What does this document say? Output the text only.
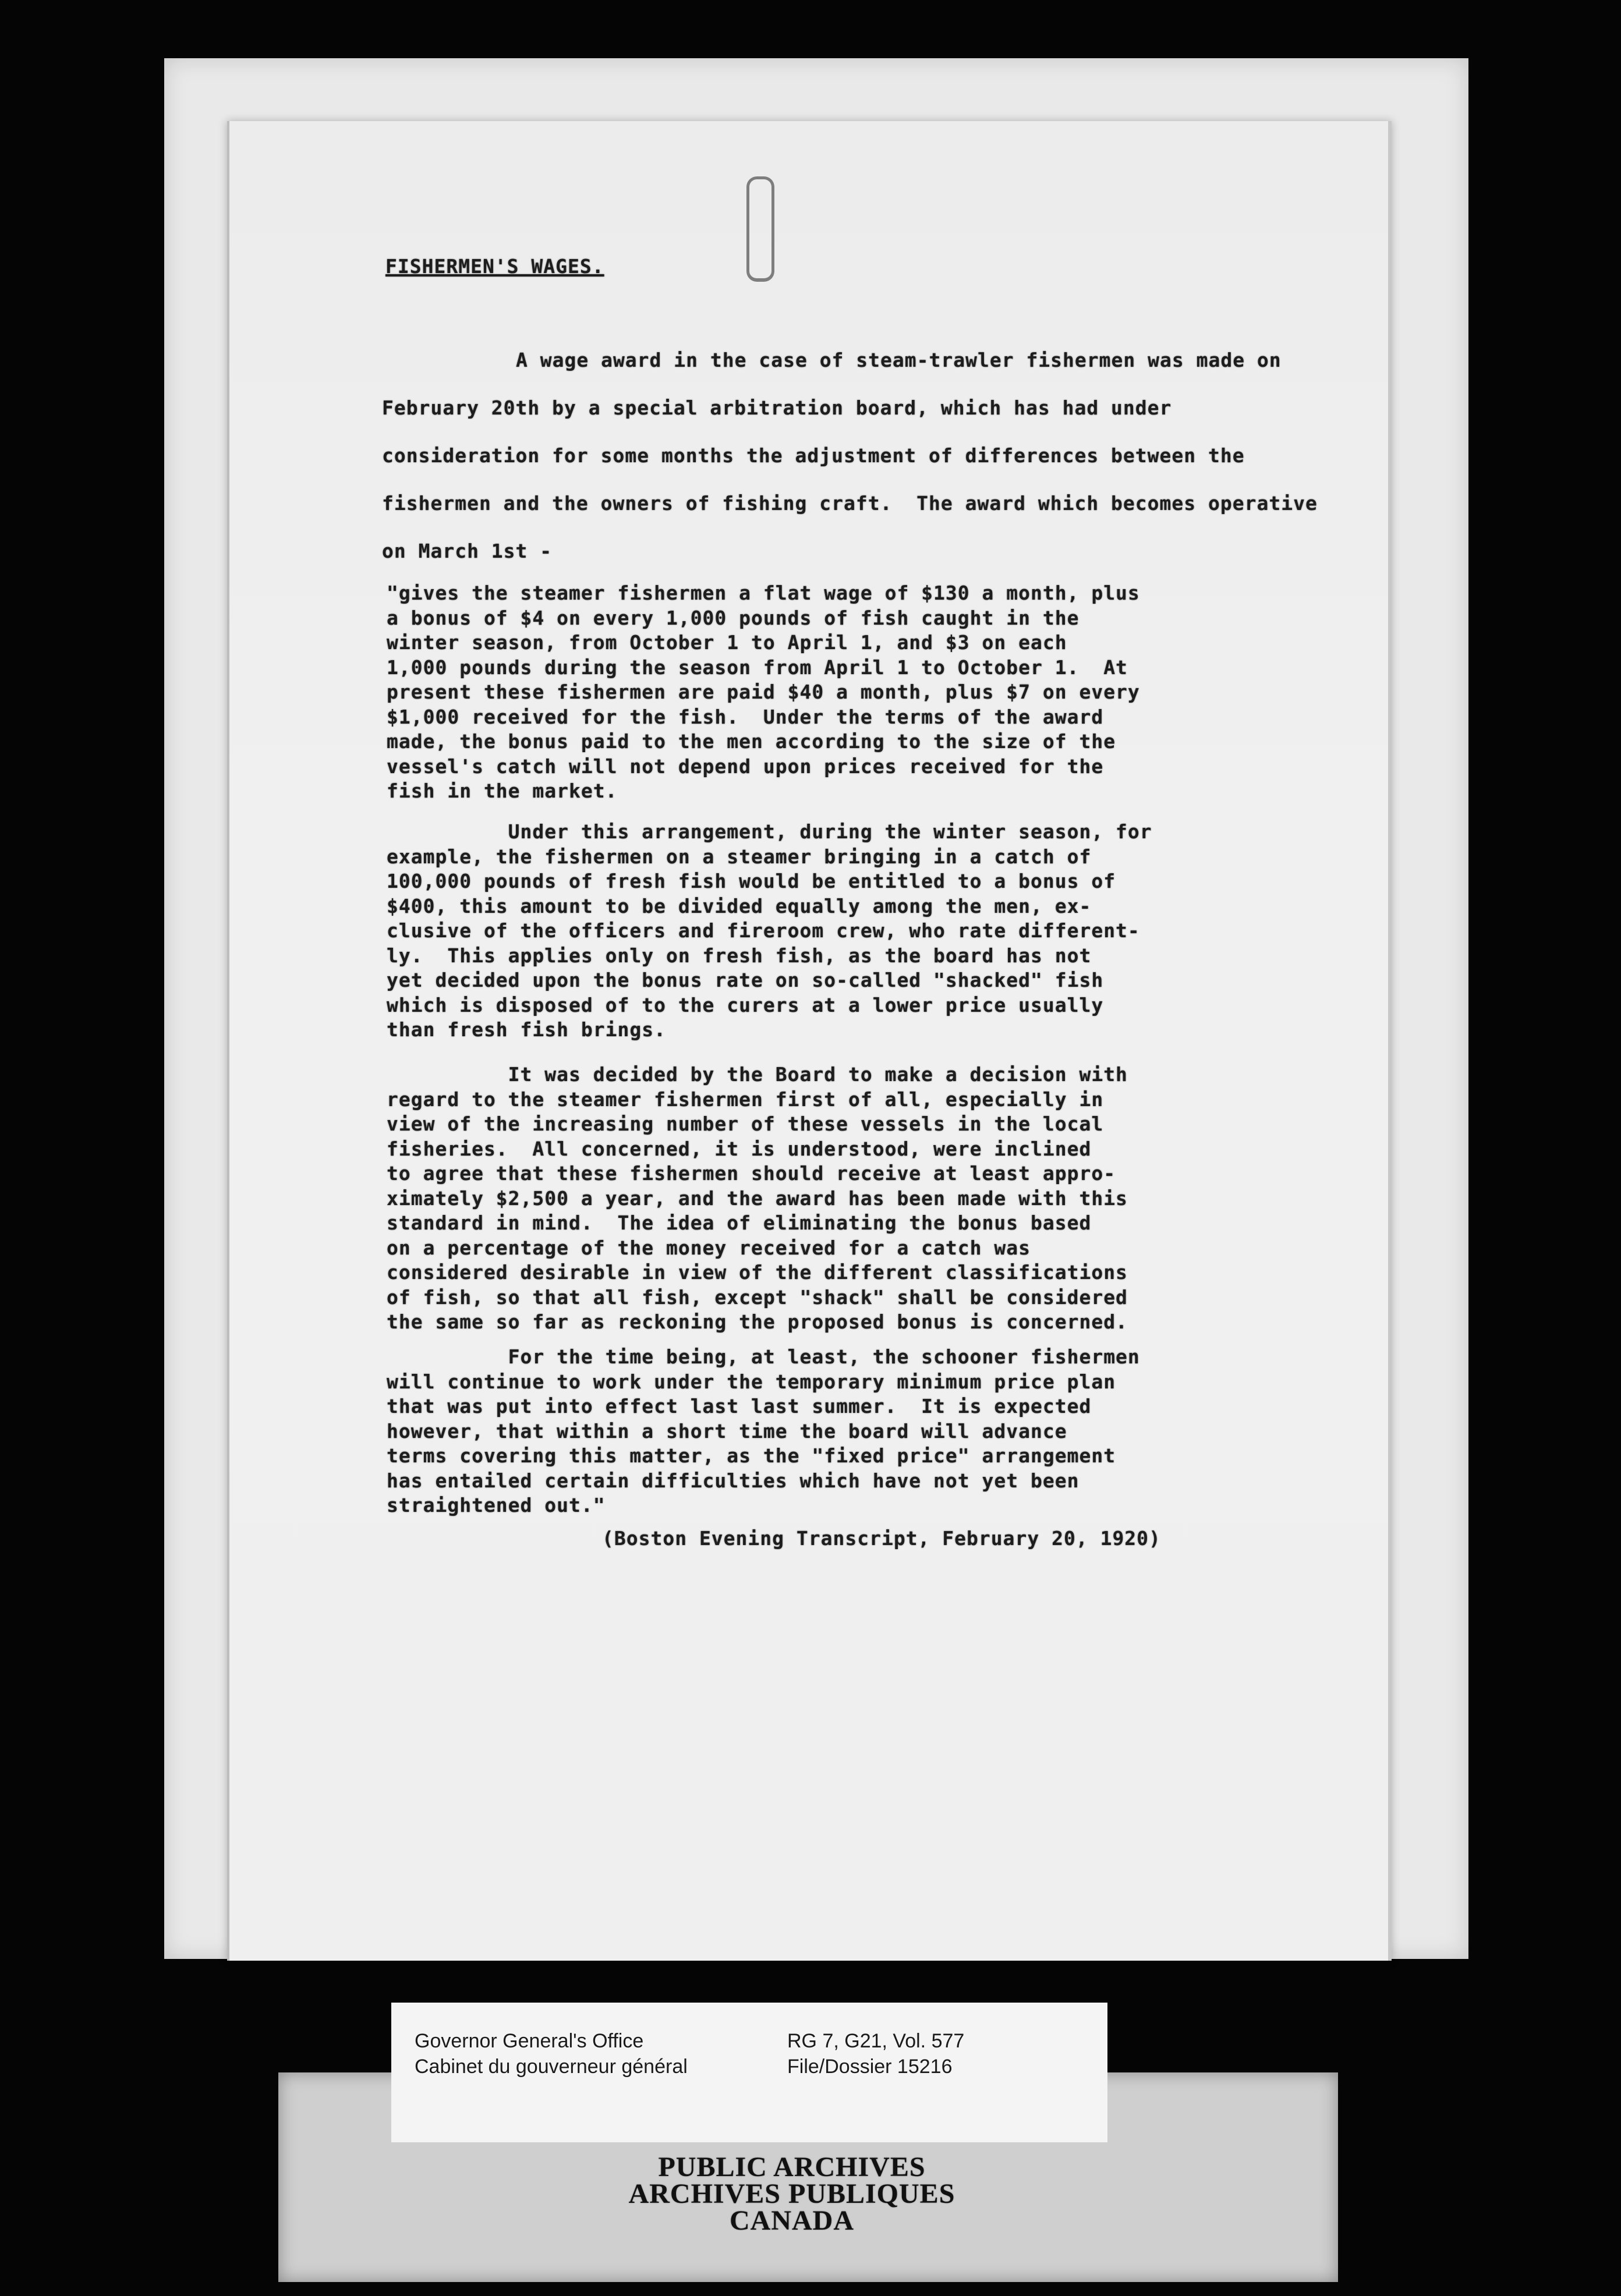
FISHERMEN'S WAGES.
A wage award in the case of steam-trawler fishermen was made on February 20th by a special arbitration board, which has had under consideration for some months the adjustment of differences between the fishermen and the owners of fishing craft.  The award which becomes operative on March 1st -
"gives the steamer fishermen a flat wage of $130 a month, plus
a bonus of $4 on every 1,000 pounds of fish caught in the
winter season, from October 1 to April 1, and $3 on each
1,000 pounds during the season from April 1 to October 1.  At
present these fishermen are paid $40 a month, plus $7 on every
$1,000 received for the fish.  Under the terms of the award
made, the bonus paid to the men according to the size of the
vessel's catch will not depend upon prices received for the
fish in the market.
Under this arrangement, during the winter season, for
example, the fishermen on a steamer bringing in a catch of
100,000 pounds of fresh fish would be entitled to a bonus of
$400, this amount to be divided equally among the men, ex-
clusive of the officers and fireroom crew, who rate different-
ly.  This applies only on fresh fish, as the board has not
yet decided upon the bonus rate on so-called "shacked" fish
which is disposed of to the curers at a lower price usually
than fresh fish brings.
It was decided by the Board to make a decision with
regard to the steamer fishermen first of all, especially in
view of the increasing number of these vessels in the local
fisheries.  All concerned, it is understood, were inclined
to agree that these fishermen should receive at least appro-
ximately $2,500 a year, and the award has been made with this
standard in mind.  The idea of eliminating the bonus based
on a percentage of the money received for a catch was
considered desirable in view of the different classifications
of fish, so that all fish, except "shack" shall be considered
the same so far as reckoning the proposed bonus is concerned.
For the time being, at least, the schooner fishermen
will continue to work under the temporary minimum price plan
that was put into effect last last summer.  It is expected
however, that within a short time the board will advance
terms covering this matter, as the "fixed price" arrangement
has entailed certain difficulties which have not yet been
straightened out."
(Boston Evening Transcript, February 20, 1920)
Governor General's Office
Cabinet du gouverneur général
RG 7, G21, Vol. 577
File/Dossier 15216
PUBLIC ARCHIVES
ARCHIVES PUBLIQUES
CANADA
